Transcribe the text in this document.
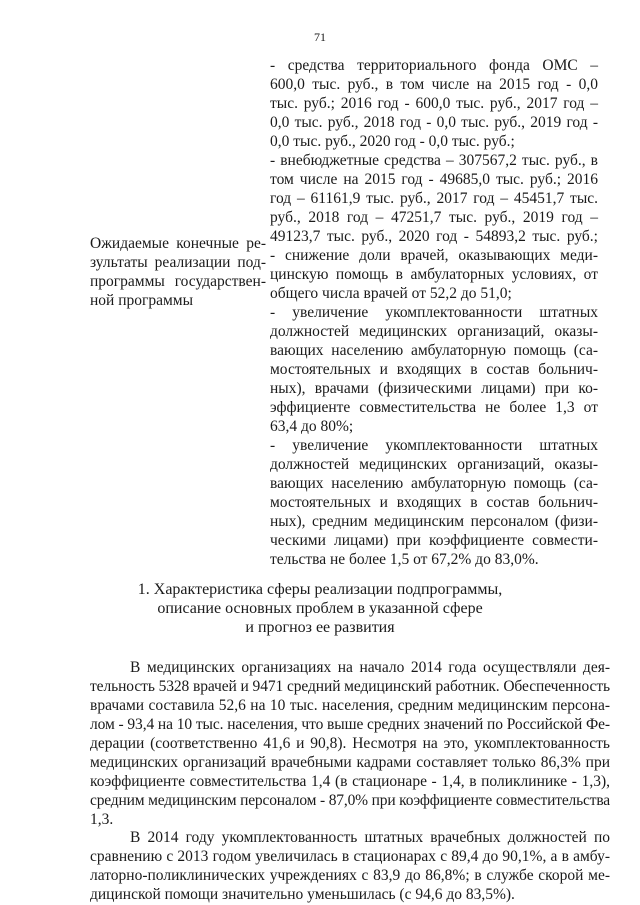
71
Ожидаемые конечные ре-
зультаты реализации под-
программы государствен-
ной программы
- средства территориального фонда ОМС –
600,0 тыс. руб., в том числе на 2015 год - 0,0
тыс. руб.; 2016 год - 600,0 тыс. руб., 2017 год –
0,0 тыс. руб., 2018 год - 0,0 тыс. руб., 2019 год -
0,0 тыс. руб., 2020 год - 0,0 тыс. руб.;
- внебюджетные средства – 307567,2 тыс. руб., в
том числе на 2015 год - 49685,0 тыс. руб.; 2016
год – 61161,9 тыс. руб., 2017 год – 45451,7 тыс.
руб., 2018 год – 47251,7 тыс. руб., 2019 год –
49123,7 тыс. руб., 2020 год - 54893,2 тыс. руб.;
- снижение доли врачей, оказывающих меди-
цинскую помощь в амбулаторных условиях, от
общего числа врачей от 52,2 до 51,0;
- увеличение укомплектованности штатных
должностей медицинских организаций, оказы-
вающих населению амбулаторную помощь (са-
мостоятельных и входящих в состав больнич-
ных), врачами (физическими лицами) при ко-
эффициенте совместительства не более 1,3 от
63,4 до 80%;
- увеличение укомплектованности штатных
должностей медицинских организаций, оказы-
вающих населению амбулаторную помощь (са-
мостоятельных и входящих в состав больнич-
ных), средним медицинским персоналом (физи-
ческими лицами) при коэффициенте совмести-
тельства не более 1,5 от 67,2% до 83,0%.
1. Характеристика сферы реализации подпрограммы,
описание основных проблем в указанной сфере
и прогноз ее развития
В медицинских организациях на начало 2014 года осуществляли дея-
тельность 5328 врачей и 9471 средний медицинский работник. Обеспеченность
врачами составила 52,6 на 10 тыс. населения, средним медицинским персона-
лом - 93,4 на 10 тыс. населения, что выше средних значений по Российской Фе-
дерации (соответственно 41,6 и 90,8). Несмотря на это, укомплектованность
медицинских организаций врачебными кадрами составляет только 86,3% при
коэффициенте совместительства 1,4 (в стационаре - 1,4, в поликлинике - 1,3),
средним медицинским персоналом - 87,0% при коэффициенте совместительства
1,3.
В 2014 году укомплектованность штатных врачебных должностей по
сравнению с 2013 годом увеличилась в стационарах с 89,4 до 90,1%, а в амбу-
латорно-поликлинических учреждениях с 83,9 до 86,8%; в службе скорой ме-
дицинской помощи значительно уменьшилась (с 94,6 до 83,5%).
